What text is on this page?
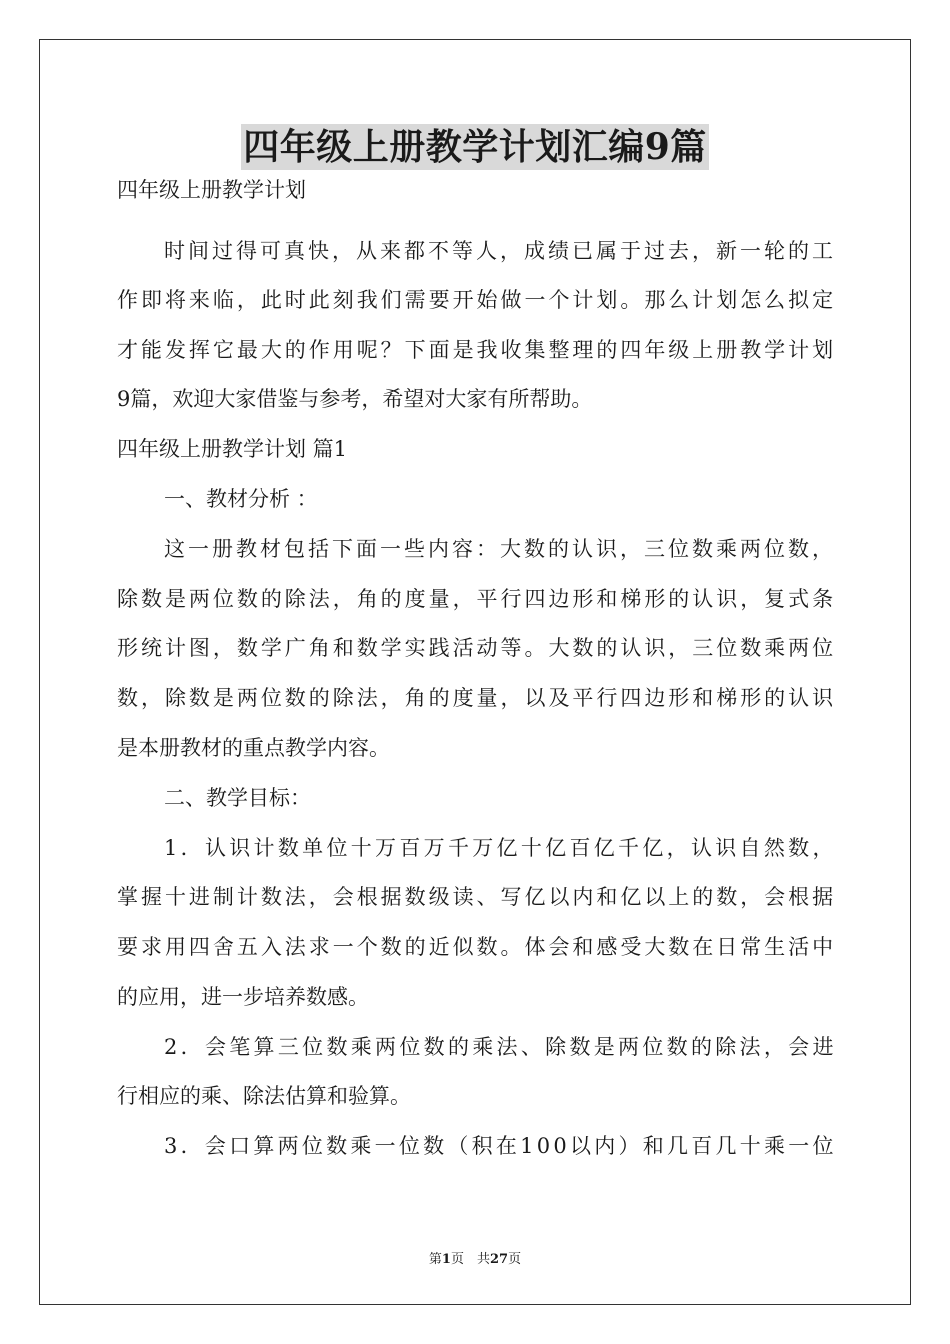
四年级上册教学计划汇编9篇
四年级上册教学计划
时间过得可真快，从来都不等人，成绩已属于过去，新一轮的工
作即将来临，此时此刻我们需要开始做一个计划。那么计划怎么拟定
才能发挥它最大的作用呢？下面是我收集整理的四年级上册教学计划
9篇，欢迎大家借鉴与参考，希望对大家有所帮助。
四年级上册教学计划 篇1
一、教材分析 ：
这一册教材包括下面一些内容：大数的认识，三位数乘两位数，
除数是两位数的除法，角的度量，平行四边形和梯形的认识，复式条
形统计图，数学广角和数学实践活动等。大数的认识，三位数乘两位
数，除数是两位数的除法，角的度量，以及平行四边形和梯形的认识
是本册教材的重点教学内容。
二、教学目标：
1．认识计数单位十万百万千万亿十亿百亿千亿，认识自然数，
掌握十进制计数法，会根据数级读、写亿以内和亿以上的数，会根据
要求用四舍五入法求一个数的近似数。体会和感受大数在日常生活中
的应用，进一步培养数感。
2．会笔算三位数乘两位数的乘法、除数是两位数的除法，会进
行相应的乘、除法估算和验算。
3．会口算两位数乘一位数（积在100以内）和几百几十乘一位
第1页　共27页
